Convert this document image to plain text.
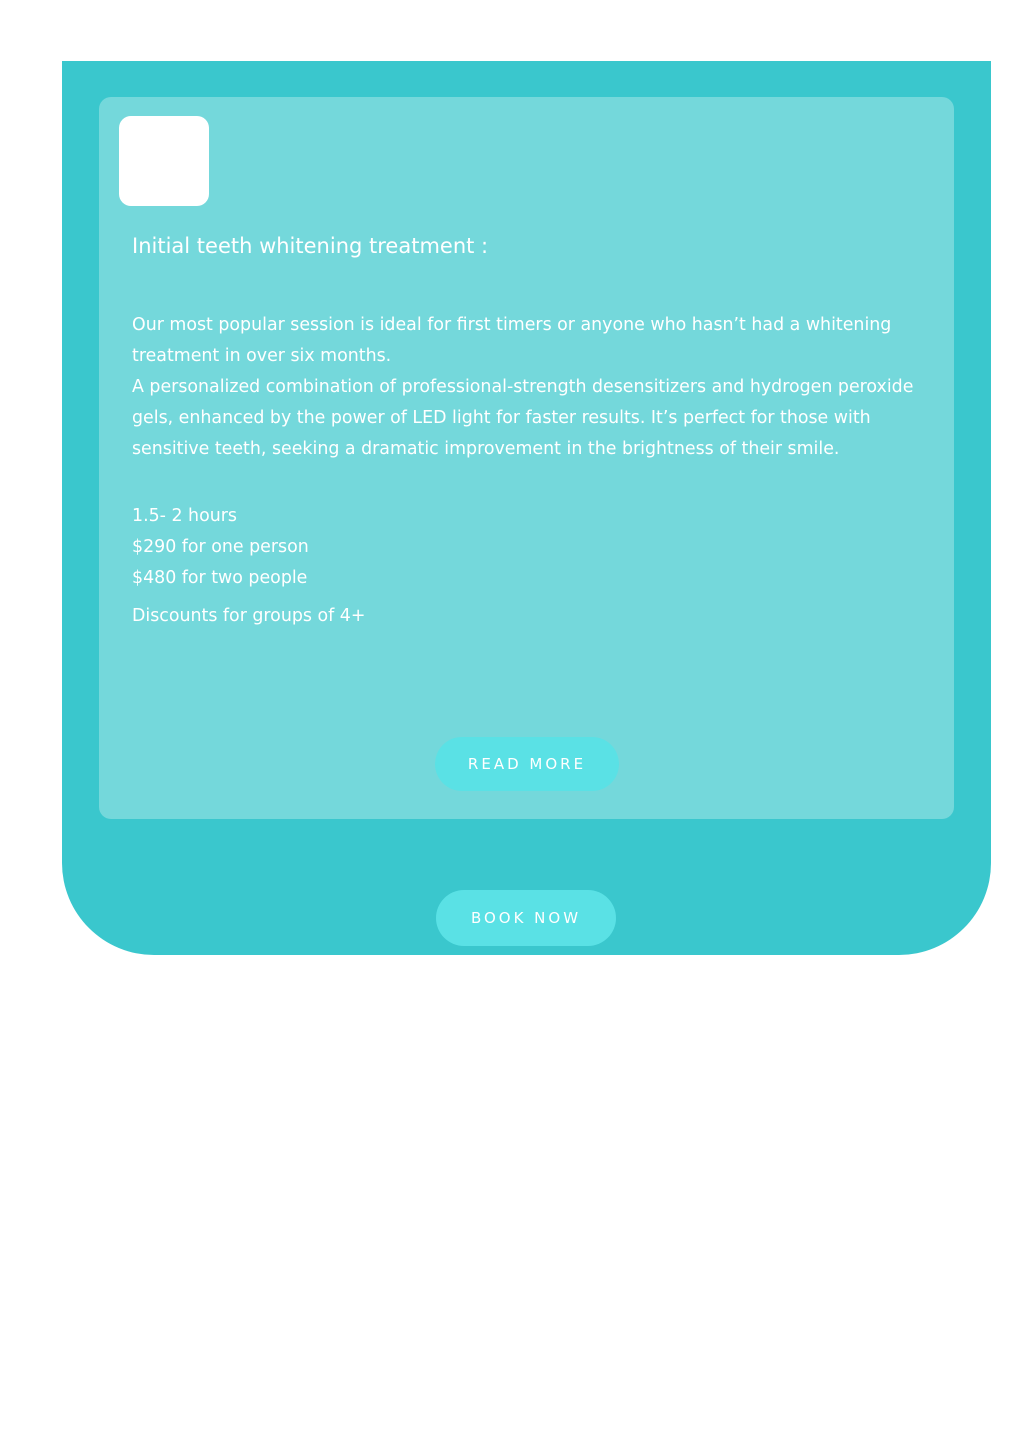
Initial teeth whitening treatment :

Our most popular session is ideal for first timers or anyone who hasn’t had a whitening treatment in over six months.
A personalized combination of professional-strength desensitizers and hydrogen peroxide gels, enhanced by the power of LED light for faster results. It’s perfect for those with sensitive teeth, seeking a dramatic improvement in the brightness of their smile.

1.5- 2 hours
$290 for one person
$480 for two people

Discounts for groups of 4+

READ MORE
BOOK NOW
